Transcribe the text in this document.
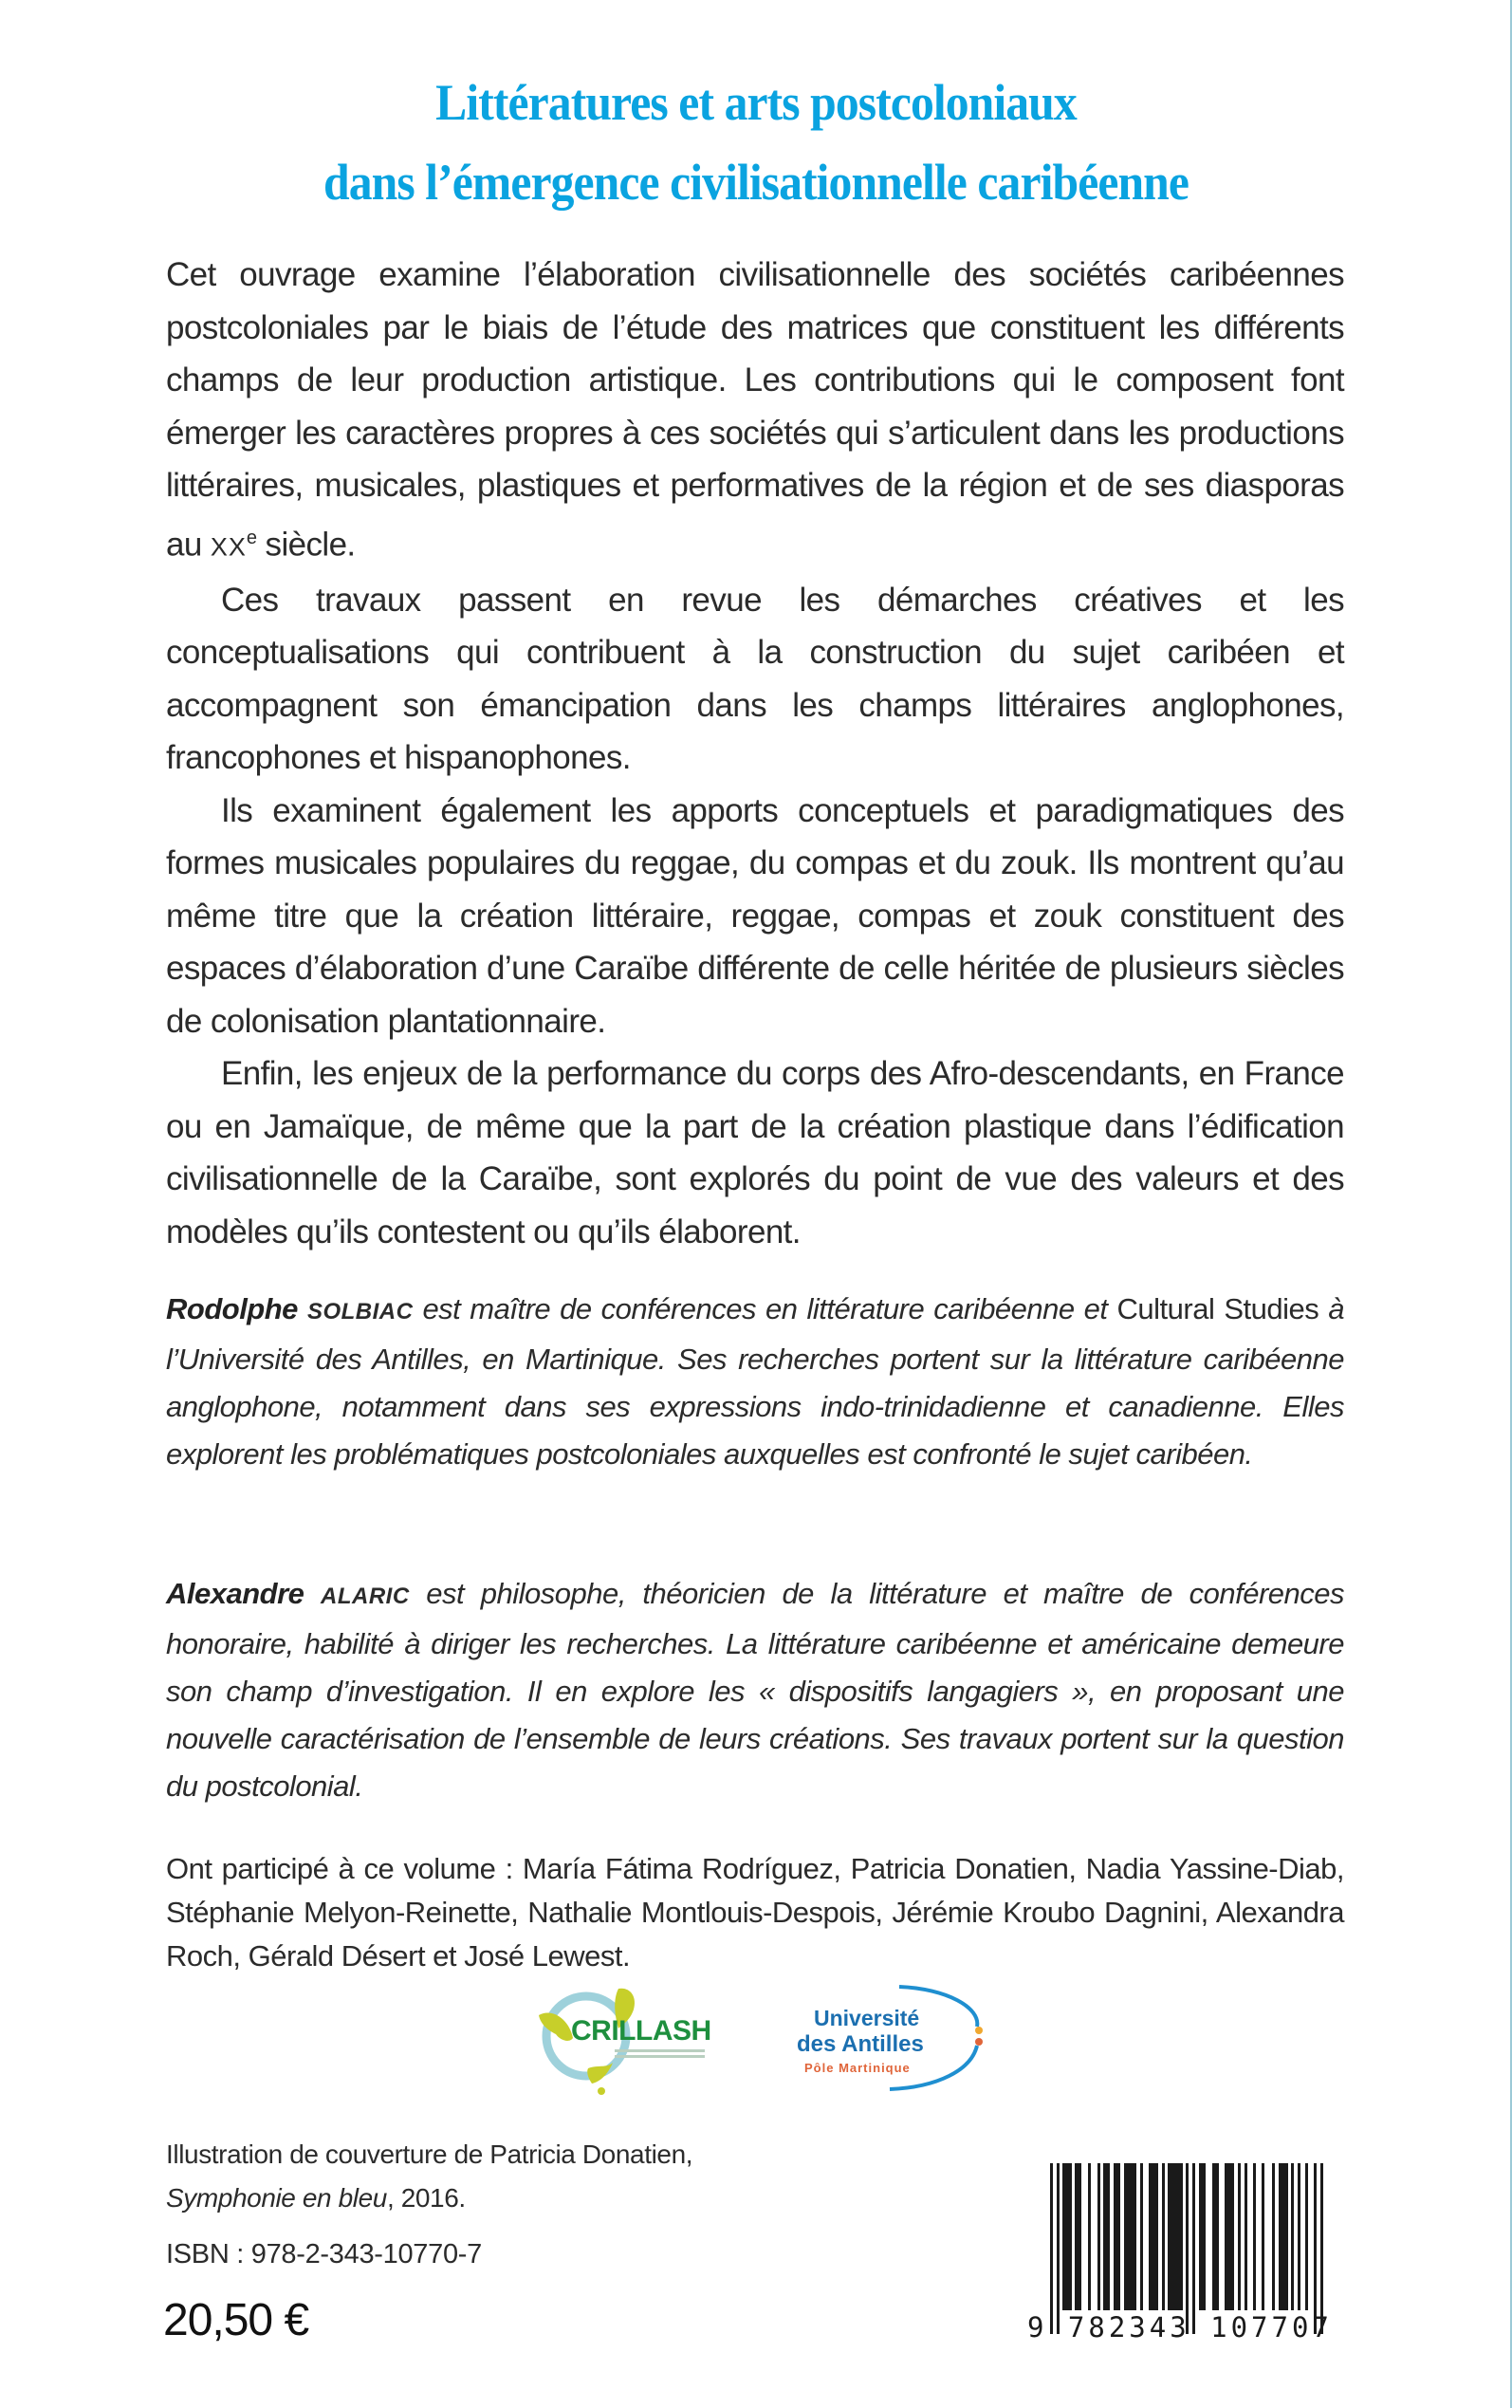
Littératures et arts postcoloniaux
dans l’émergence civilisationnelle caribéenne

Cet ouvrage examine l’élaboration civilisationnelle des sociétés caribéennes postcoloniales par le biais de l’étude des matrices que constituent les différents champs de leur production artistique. Les contributions qui le composent font émerger les caractères propres à ces sociétés qui s’articulent dans les productions littéraires, musicales, plastiques et performatives de la région et de ses diasporas au XXe siècle.

Ces travaux passent en revue les démarches créatives et les conceptualisations qui contribuent à la construction du sujet caribéen et accompagnent son émancipation dans les champs littéraires anglophones, francophones et hispanophones.

Ils examinent également les apports conceptuels et paradigmatiques des formes musicales populaires du reggae, du compas et du zouk. Ils montrent qu’au même titre que la création littéraire, reggae, compas et zouk constituent des espaces d’élaboration d’une Caraïbe différente de celle héritée de plusieurs siècles de colonisation plantationnaire.

Enfin, les enjeux de la performance du corps des Afro-descendants, en France ou en Jamaïque, de même que la part de la création plastique dans l’édification civilisationnelle de la Caraïbe, sont explorés du point de vue des valeurs et des modèles qu’ils contestent ou qu’ils élaborent.

Rodolphe SOLBIAC est maître de conférences en littérature caribéenne et Cultural Studies à l’Université des Antilles, en Martinique. Ses recherches portent sur la littérature caribéenne anglophone, notamment dans ses expressions indo-trinidadienne et canadienne. Elles explorent les problématiques postcoloniales auxquelles est confronté le sujet caribéen.
Alexandre ALARIC est philosophe, théoricien de la littérature et maître de conférences honoraire, habilité à diriger les recherches. La littérature caribéenne et américaine demeure son champ d’investigation. Il en explore les « dispositifs langagiers », en proposant une nouvelle caractérisation de l’ensemble de leurs créations. Ses travaux portent sur la question du postcolonial.
Ont participé à ce volume : María Fátima Rodríguez, Patricia Donatien, Nadia Yassine-Diab, Stéphanie Melyon-Reinette, Nathalie Montlouis-Despois, Jérémie Kroubo Dagnini, Alexandra Roch, Gérald Désert et José Lewest.
CRILLASH	Université
des Antilles
Pôle Martinique
Illustration de couverture de Patricia Donatien,
Symphonie en bleu, 2016.
ISBN : 978-2-343-10770-7
20,50 €	9 782343 107707
